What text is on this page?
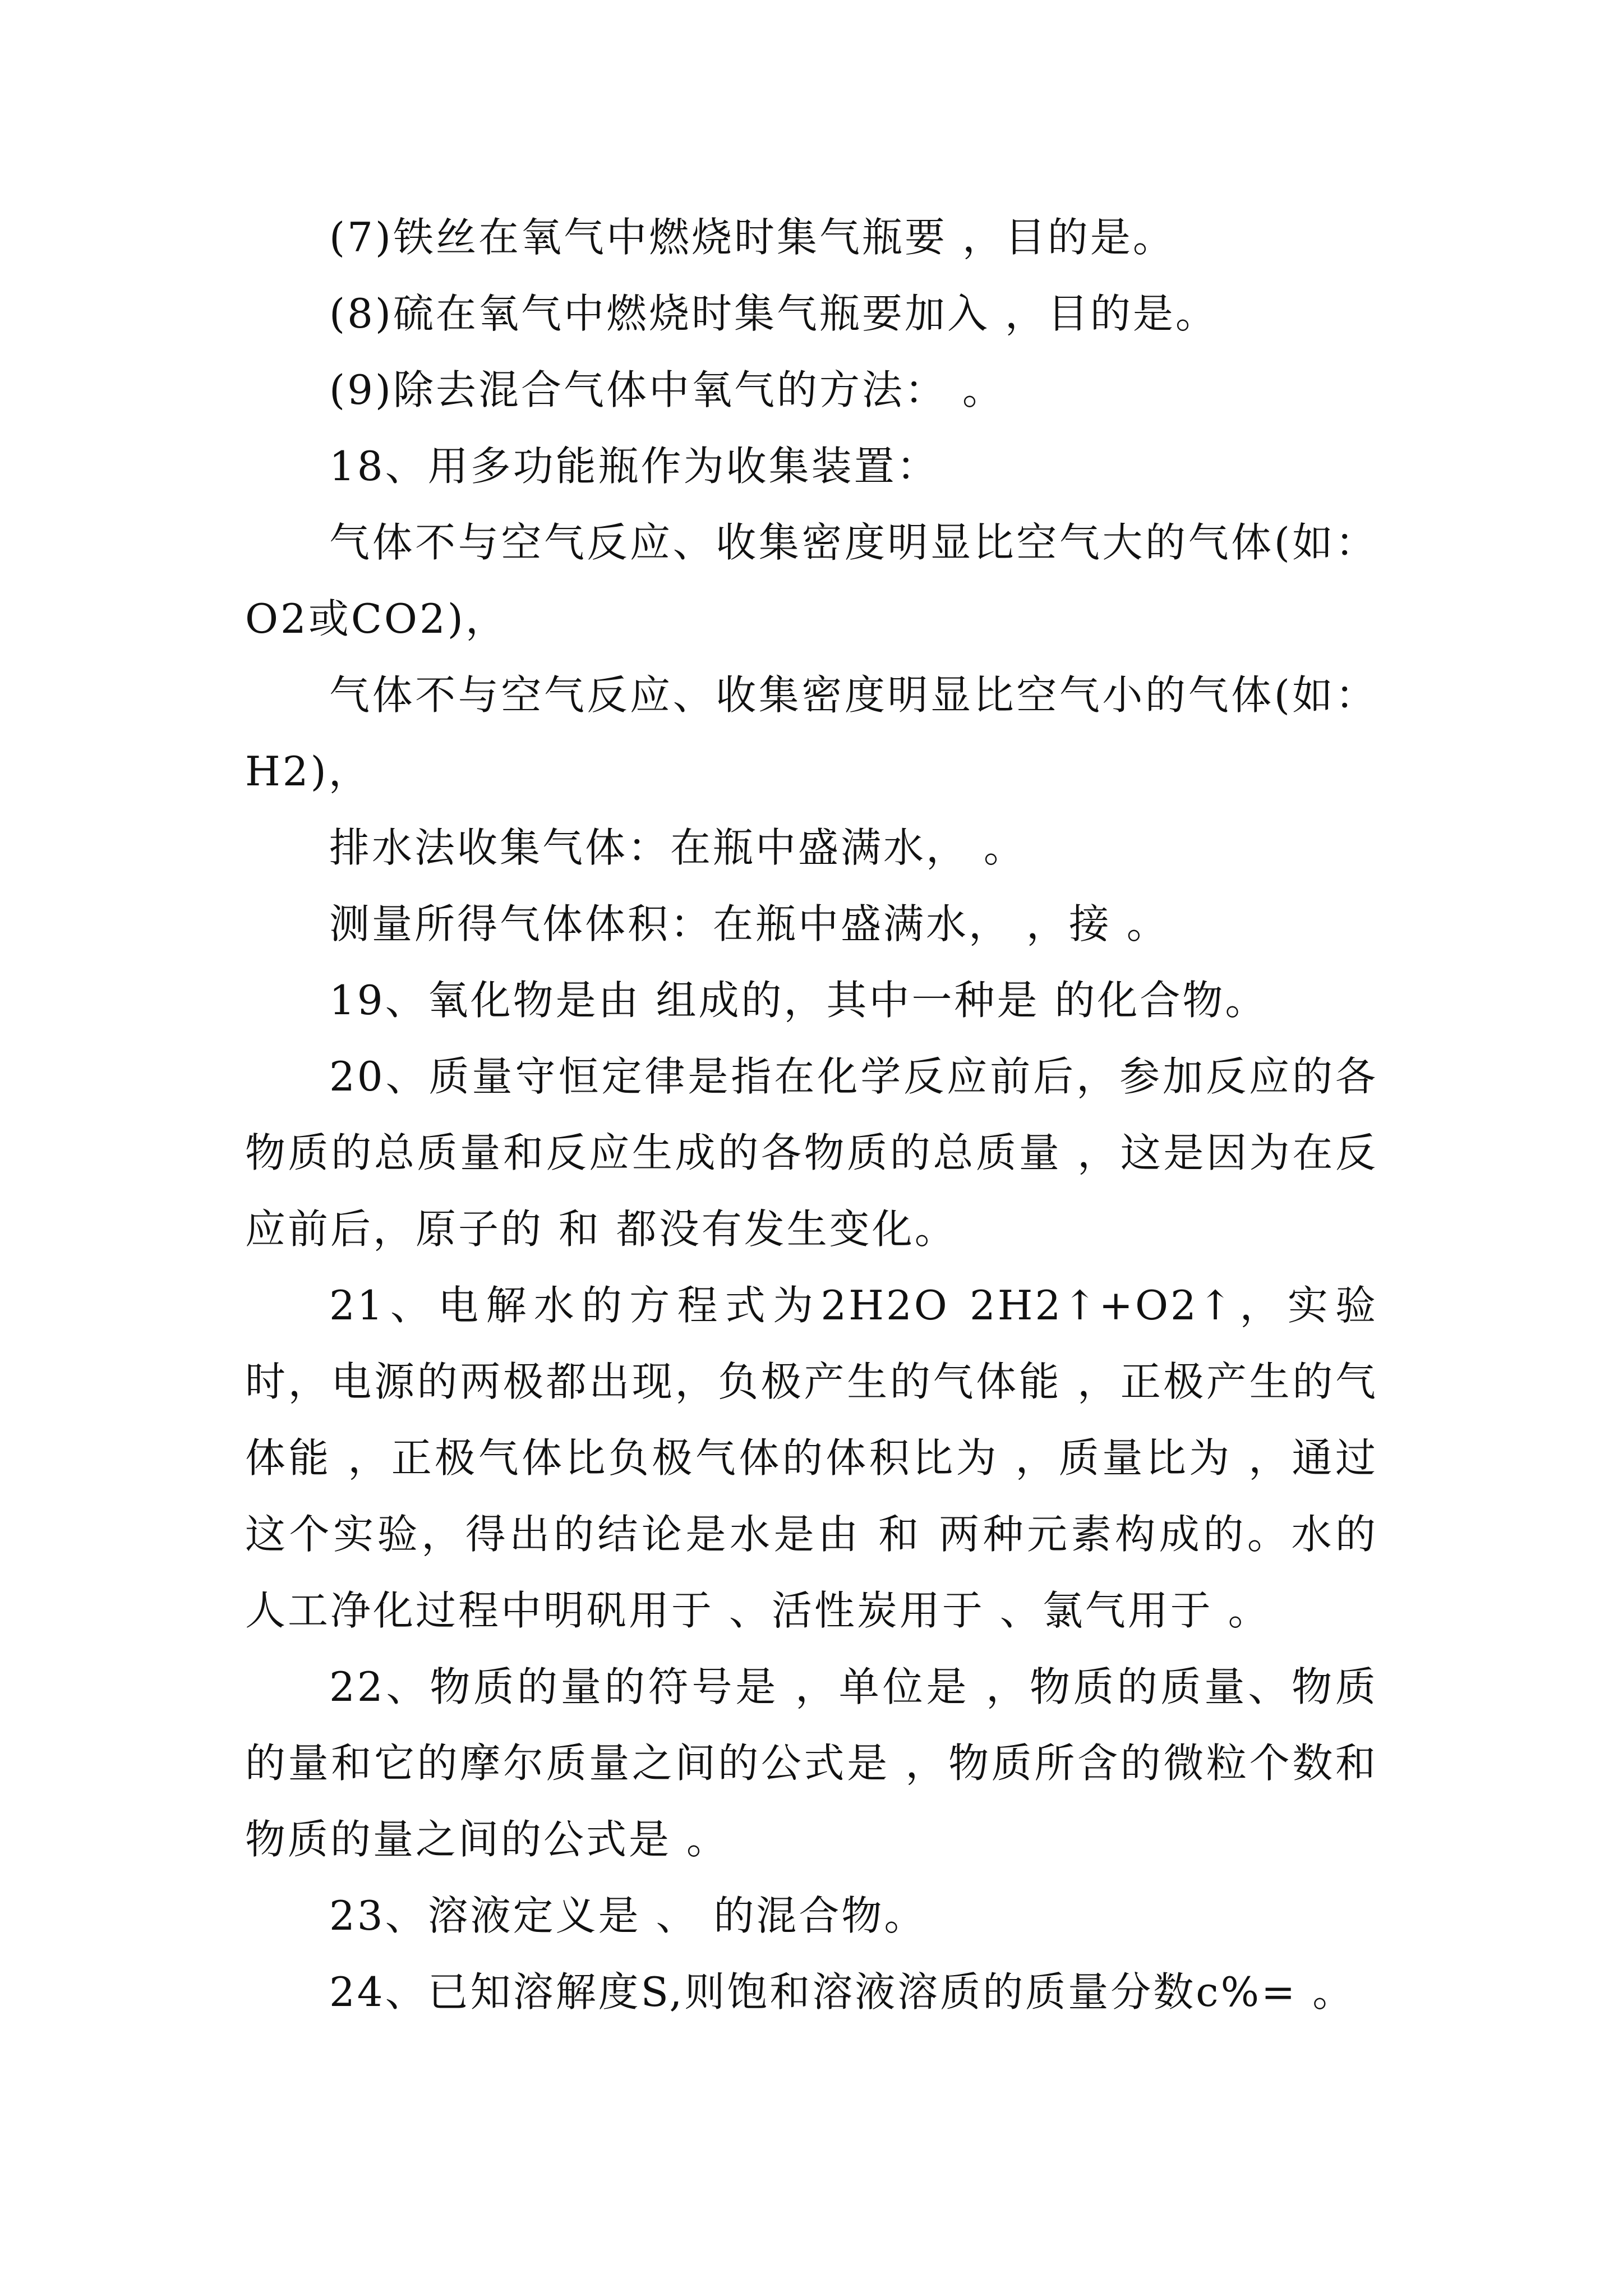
(7)铁丝在氧气中燃烧时集气瓶要 ，目的是。

(8)硫在氧气中燃烧时集气瓶要加入 ，目的是。

(9)除去混合气体中氧气的方法： 。

18、用多功能瓶作为收集装置：

气体不与空气反应、收集密度明显比空气大的气体(如：O2或CO2)，

气体不与空气反应、收集密度明显比空气小的气体(如：H2)，

排水法收集气体：在瓶中盛满水， 。

测量所得气体体积：在瓶中盛满水， ，接 。

19、氧化物是由 组成的，其中一种是 的化合物。

20、质量守恒定律是指在化学反应前后，参加反应的各物质的总质量和反应生成的各物质的总质量 ，这是因为在反应前后，原子的 和 都没有发生变化。

21、电解水的方程式为2H2O 2H2↑+O2↑，实验时，电源的两极都出现，负极产生的气体能 ，正极产生的气体能 ，正极气体比负极气体的体积比为 ，质量比为 ，通过这个实验，得出的结论是水是由 和 两种元素构成的。水的人工净化过程中明矾用于 、活性炭用于 、氯气用于 。

22、物质的量的符号是 ，单位是 ，物质的质量、物质的量和它的摩尔质量之间的公式是 ，物质所含的微粒个数和物质的量之间的公式是 。

23、溶液定义是 、 的混合物。

24、已知溶解度S,则饱和溶液溶质的质量分数c%= 。
